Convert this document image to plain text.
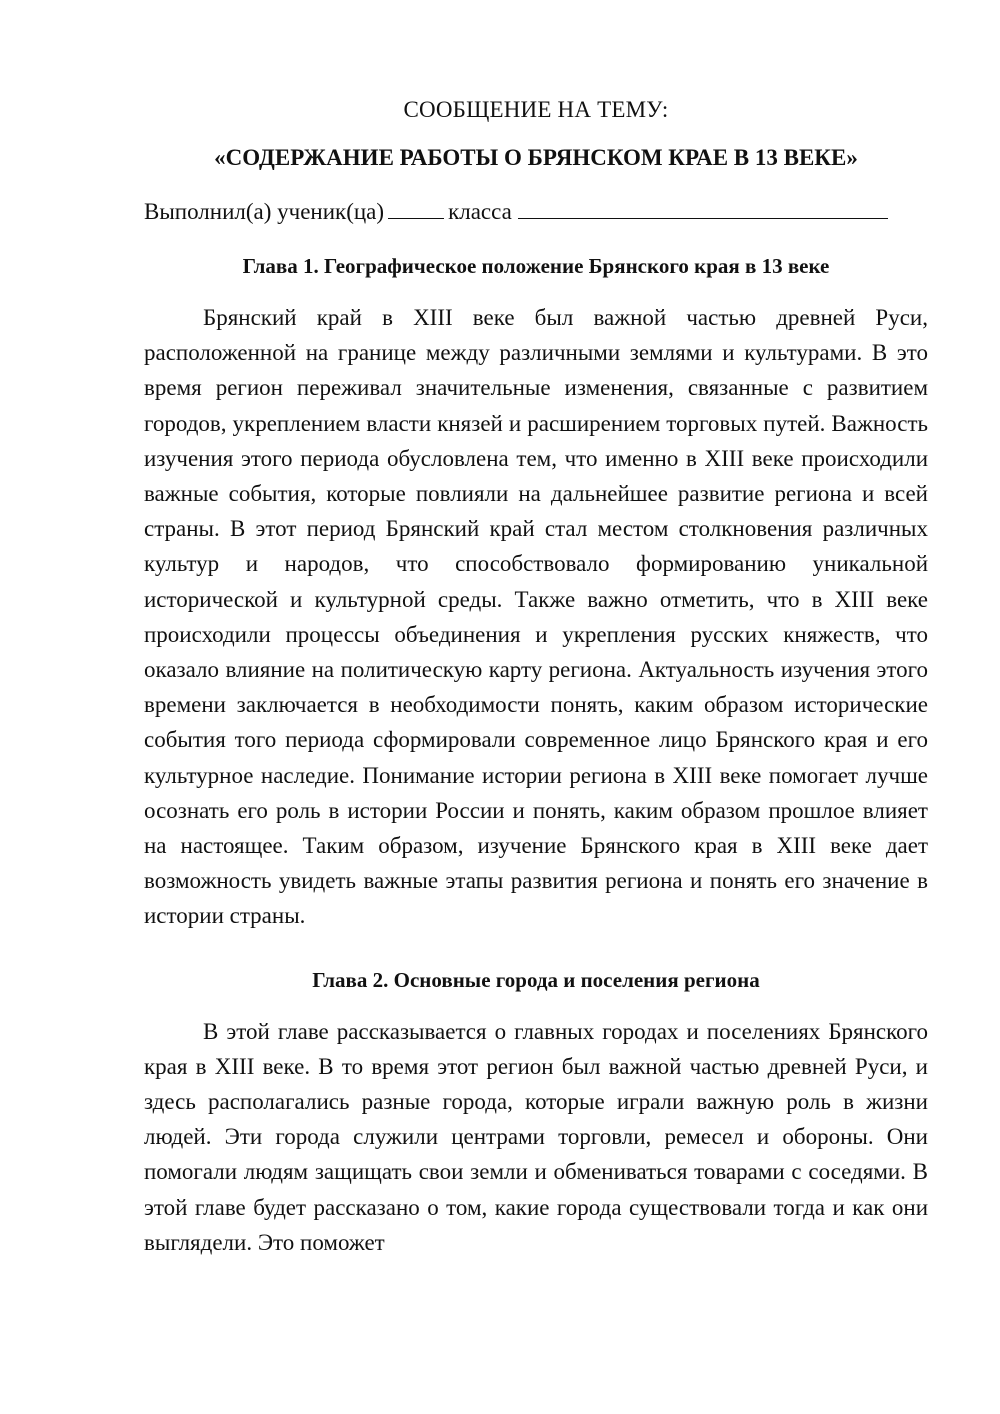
СООБЩЕНИЕ НА ТЕМУ:

«СОДЕРЖАНИЕ РАБОТЫ О БРЯНСКОМ КРАЕ В 13 ВЕКЕ»

Выполнил(а) ученик(ца)	класса

Глава 1. Географическое положение Брянского края в 13 веке

Брянский край в XIII веке был важной частью древней Руси, расположенной на границе между различными землями и культурами. В это время регион переживал значительные изменения, связанные с развитием городов, укреплением власти князей и расширением торговых путей. Важность изучения этого периода обусловлена тем, что именно в XIII веке происходили важные события, которые повлияли на дальнейшее развитие региона и всей страны. В этот период Брянский край стал местом столкновения различных культур и народов, что способствовало формированию уникальной исторической и культурной среды. Также важно отметить, что в XIII веке происходили процессы объединения и укрепления русских княжеств, что оказало влияние на политическую карту региона. Актуальность изучения этого времени заключается в необходимости понять, каким образом исторические события того периода сформировали современное лицо Брянского края и его культурное наследие. Понимание истории региона в XIII веке помогает лучше осознать его роль в истории России и понять, каким образом прошлое влияет на настоящее. Таким образом, изучение Брянского края в XIII веке дает возможность увидеть важные этапы развития региона и понять его значение в истории страны.

Глава 2. Основные города и поселения региона

В этой главе рассказывается о главных городах и поселениях Брянского края в XIII веке. В то время этот регион был важной частью древней Руси, и здесь располагались разные города, которые играли важную роль в жизни людей. Эти города служили центрами торговли, ремесел и обороны. Они помогали людям защищать свои земли и обмениваться товарами с соседями. В этой главе будет рассказано о том, какие города существовали тогда и как они выглядели. Это поможет
